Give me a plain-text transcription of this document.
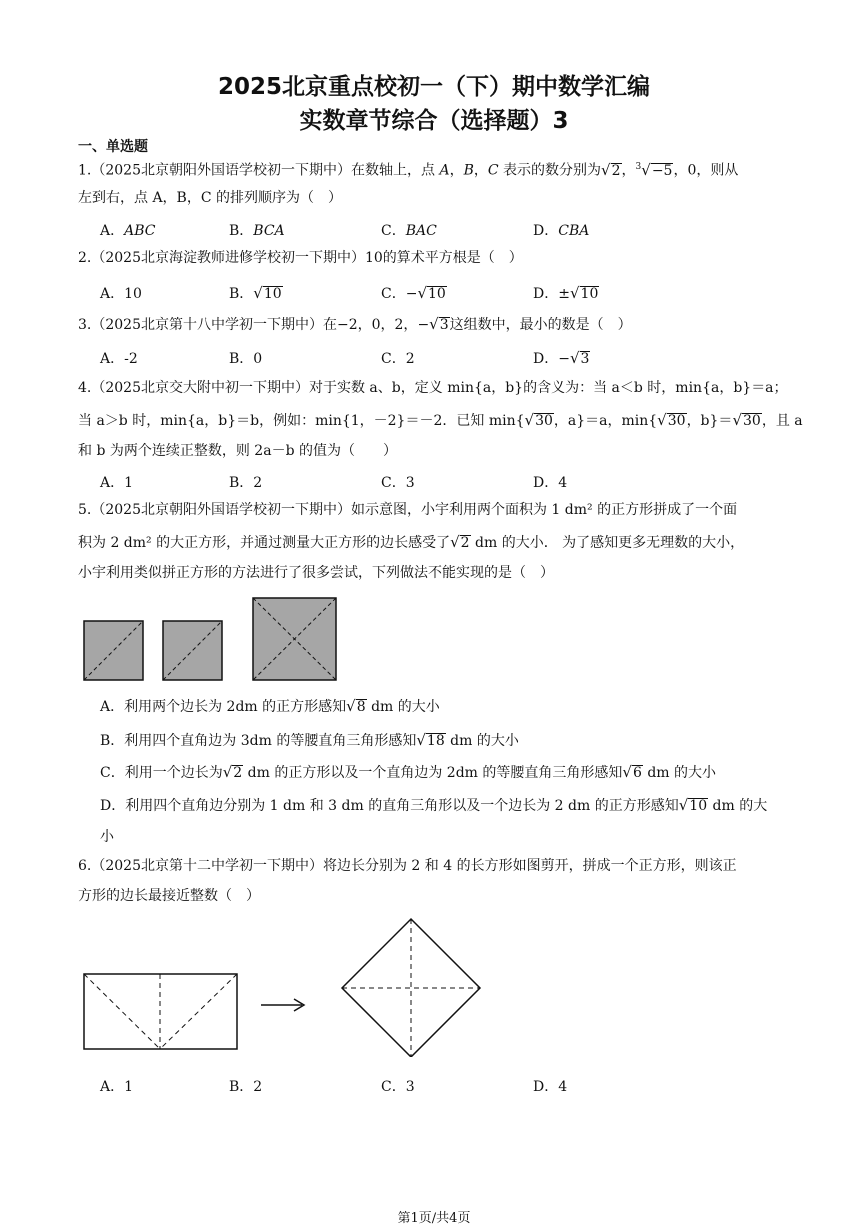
2025北京重点校初一（下）期中数学汇编
实数章节综合（选择题）3
一、单选题
1.（2025北京朝阳外国语学校初一下期中）在数轴上，点 A，B，C 表示的数分别为√2，$^3$√−5，0，则从
左到右，点 A，B，C 的排列顺序为（　）
A．ABC	B．BCA	C．BAC	D．CBA
2.（2025北京海淀教师进修学校初一下期中）10的算术平方根是（　）
A．10	B．√10	C．−√10	D．±√10
3.（2025北京第十八中学初一下期中）在−2，0，2，−√3这组数中，最小的数是（　）
A．-2	B．0	C．2	D．−√3
4.（2025北京交大附中初一下期中）对于实数 a、b，定义 min{a，b}的含义为：当 a＜b 时，min{a，b}＝a；
当 a＞b 时，min{a，b}＝b，例如：min{1，－2}＝－2．已知 min{√30，a}＝a，min{√30，b}＝√30，且 a
和 b 为两个连续正整数，则 2a－b 的值为（　　）
A．1	B．2	C．3	D．4
5.（2025北京朝阳外国语学校初一下期中）如示意图，小宇利用两个面积为 1 dm² 的正方形拼成了一个面
积为 2 dm² 的大正方形，并通过测量大正方形的边长感受了√2 dm 的大小． 为了感知更多无理数的大小，
小宇利用类似拼正方形的方法进行了很多尝试，下列做法不能实现的是（　）
A．利用两个边长为 2dm 的正方形感知√8 dm 的大小
B．利用四个直角边为 3dm 的等腰直角三角形感知√18 dm 的大小
C．利用一个边长为√2 dm 的正方形以及一个直角边为 2dm 的等腰直角三角形感知√6 dm 的大小
D．利用四个直角边分别为 1 dm 和 3 dm 的直角三角形以及一个边长为 2 dm 的正方形感知√10 dm 的大
小
6.（2025北京第十二中学初一下期中）将边长分别为 2 和 4 的长方形如图剪开，拼成一个正方形，则该正
方形的边长最接近整数（　）
A．1	B．2	C．3	D．4
第1页/共4页
